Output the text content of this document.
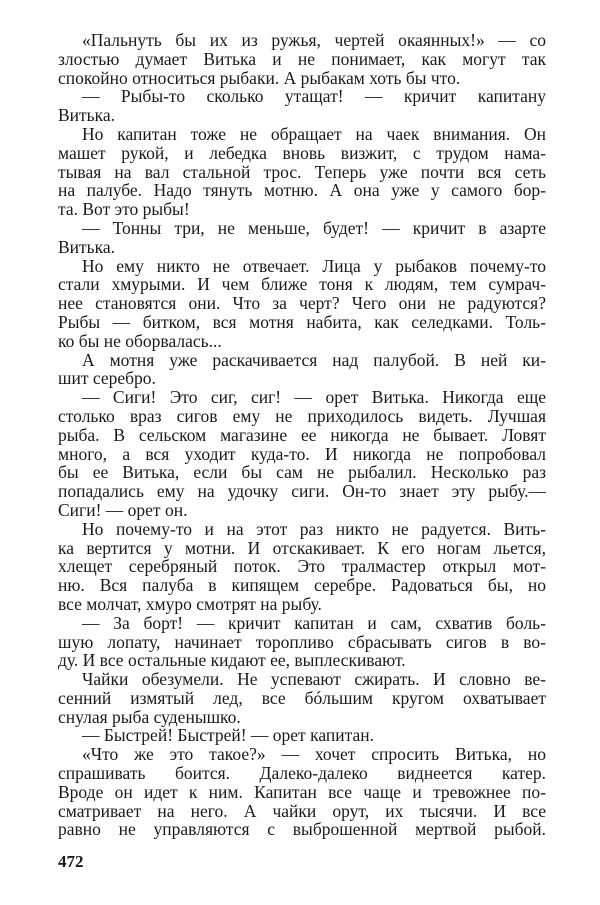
«Пальнуть бы их из ружья, чертей окаянных!» — со
злостью думает Витька и не понимает, как могут так
спокойно относиться рыбаки. А рыбакам хоть бы что.
— Рыбы-то сколько утащат! — кричит капитану
Витька.
Но капитан тоже не обращает на чаек внимания. Он
машет рукой, и лебедка вновь визжит, с трудом нама-
тывая на вал стальной трос. Теперь уже почти вся сеть
на палубе. Надо тянуть мотню. А она уже у самого бор-
та. Вот это рыбы!
— Тонны три, не меньше, будет! — кричит в азарте
Витька.
Но ему никто не отвечает. Лица у рыбаков почему-то
стали хмурыми. И чем ближе тоня к людям, тем сумрач-
нее становятся они. Что за черт? Чего они не радуются?
Рыбы — битком, вся мотня набита, как селедками. Толь-
ко бы не оборвалась...
А мотня уже раскачивается над палубой. В ней ки-
шит серебро.
— Сиги! Это сиг, сиг! — орет Витька. Никогда еще
столько враз сигов ему не приходилось видеть. Лучшая
рыба. В сельском магазине ее никогда не бывает. Ловят
много, а вся уходит куда-то. И никогда не попробовал
бы ее Витька, если бы сам не рыбалил. Несколько раз
попадались ему на удочку сиги. Он-то знает эту рыбу.—
Сиги! — орет он.
Но почему-то и на этот раз никто не радуется. Вить-
ка вертится у мотни. И отскакивает. К его ногам льется,
хлещет серебряный поток. Это тралмастер открыл мот-
ню. Вся палуба в кипящем серебре. Радоваться бы, но
все молчат, хмуро смотрят на рыбу.
— За борт! — кричит капитан и сам, схватив боль-
шую лопату, начинает торопливо сбрасывать сигов в во-
ду. И все остальные кидают ее, выплескивают.
Чайки обезумели. Не успевают сжирать. И словно ве-
сенний измятый лед, все бóльшим кругом охватывает
снулая рыба суденышко.
— Быстрей! Быстрей! — орет капитан.
«Что же это такое?» — хочет спросить Витька, но
спрашивать боится. Далеко-далеко виднеется катер.
Вроде он идет к ним. Капитан все чаще и тревожнее по-
сматривает на него. А чайки орут, их тысячи. И все
равно не управляются с выброшенной мертвой рыбой.
472
